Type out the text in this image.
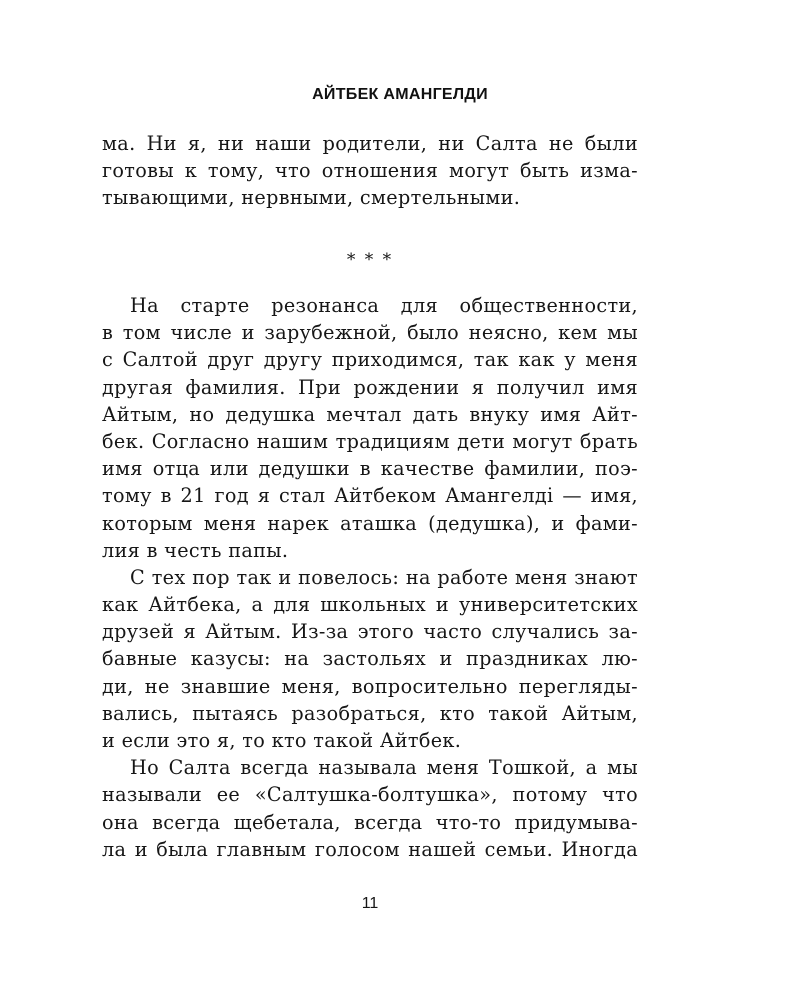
АЙТБЕК АМАНГЕЛДИ
ма. Ни я, ни наши родители, ни Салта не были
готовы к тому, что отношения могут быть изма-
тывающими, нервными, смертельными.
* * *
На старте резонанса для общественности,
в том числе и зарубежной, было неясно, кем мы
с Салтой друг другу приходимся, так как у меня
другая фамилия. При рождении я получил имя
Айтым, но дедушка мечтал дать внуку имя Айт-
бек. Согласно нашим традициям дети могут брать
имя отца или дедушки в качестве фамилии, поэ-
тому в 21 год я стал Айтбеком Амангелді — имя,
которым меня нарек аташка (дедушка), и фами-
лия в честь папы.
С тех пор так и повелось: на работе меня знают
как Айтбека, а для школьных и университетских
друзей я Айтым. Из-за этого часто случались за-
бавные казусы: на застольях и праздниках лю-
ди, не знавшие меня, вопросительно перегляды-
вались, пытаясь разобраться, кто такой Айтым,
и если это я, то кто такой Айтбек.
Но Салта всегда называла меня Тошкой, а мы
называли ее «Салтушка-болтушка», потому что
она всегда щебетала, всегда что-то придумыва-
ла и была главным голосом нашей семьи. Иногда
11
